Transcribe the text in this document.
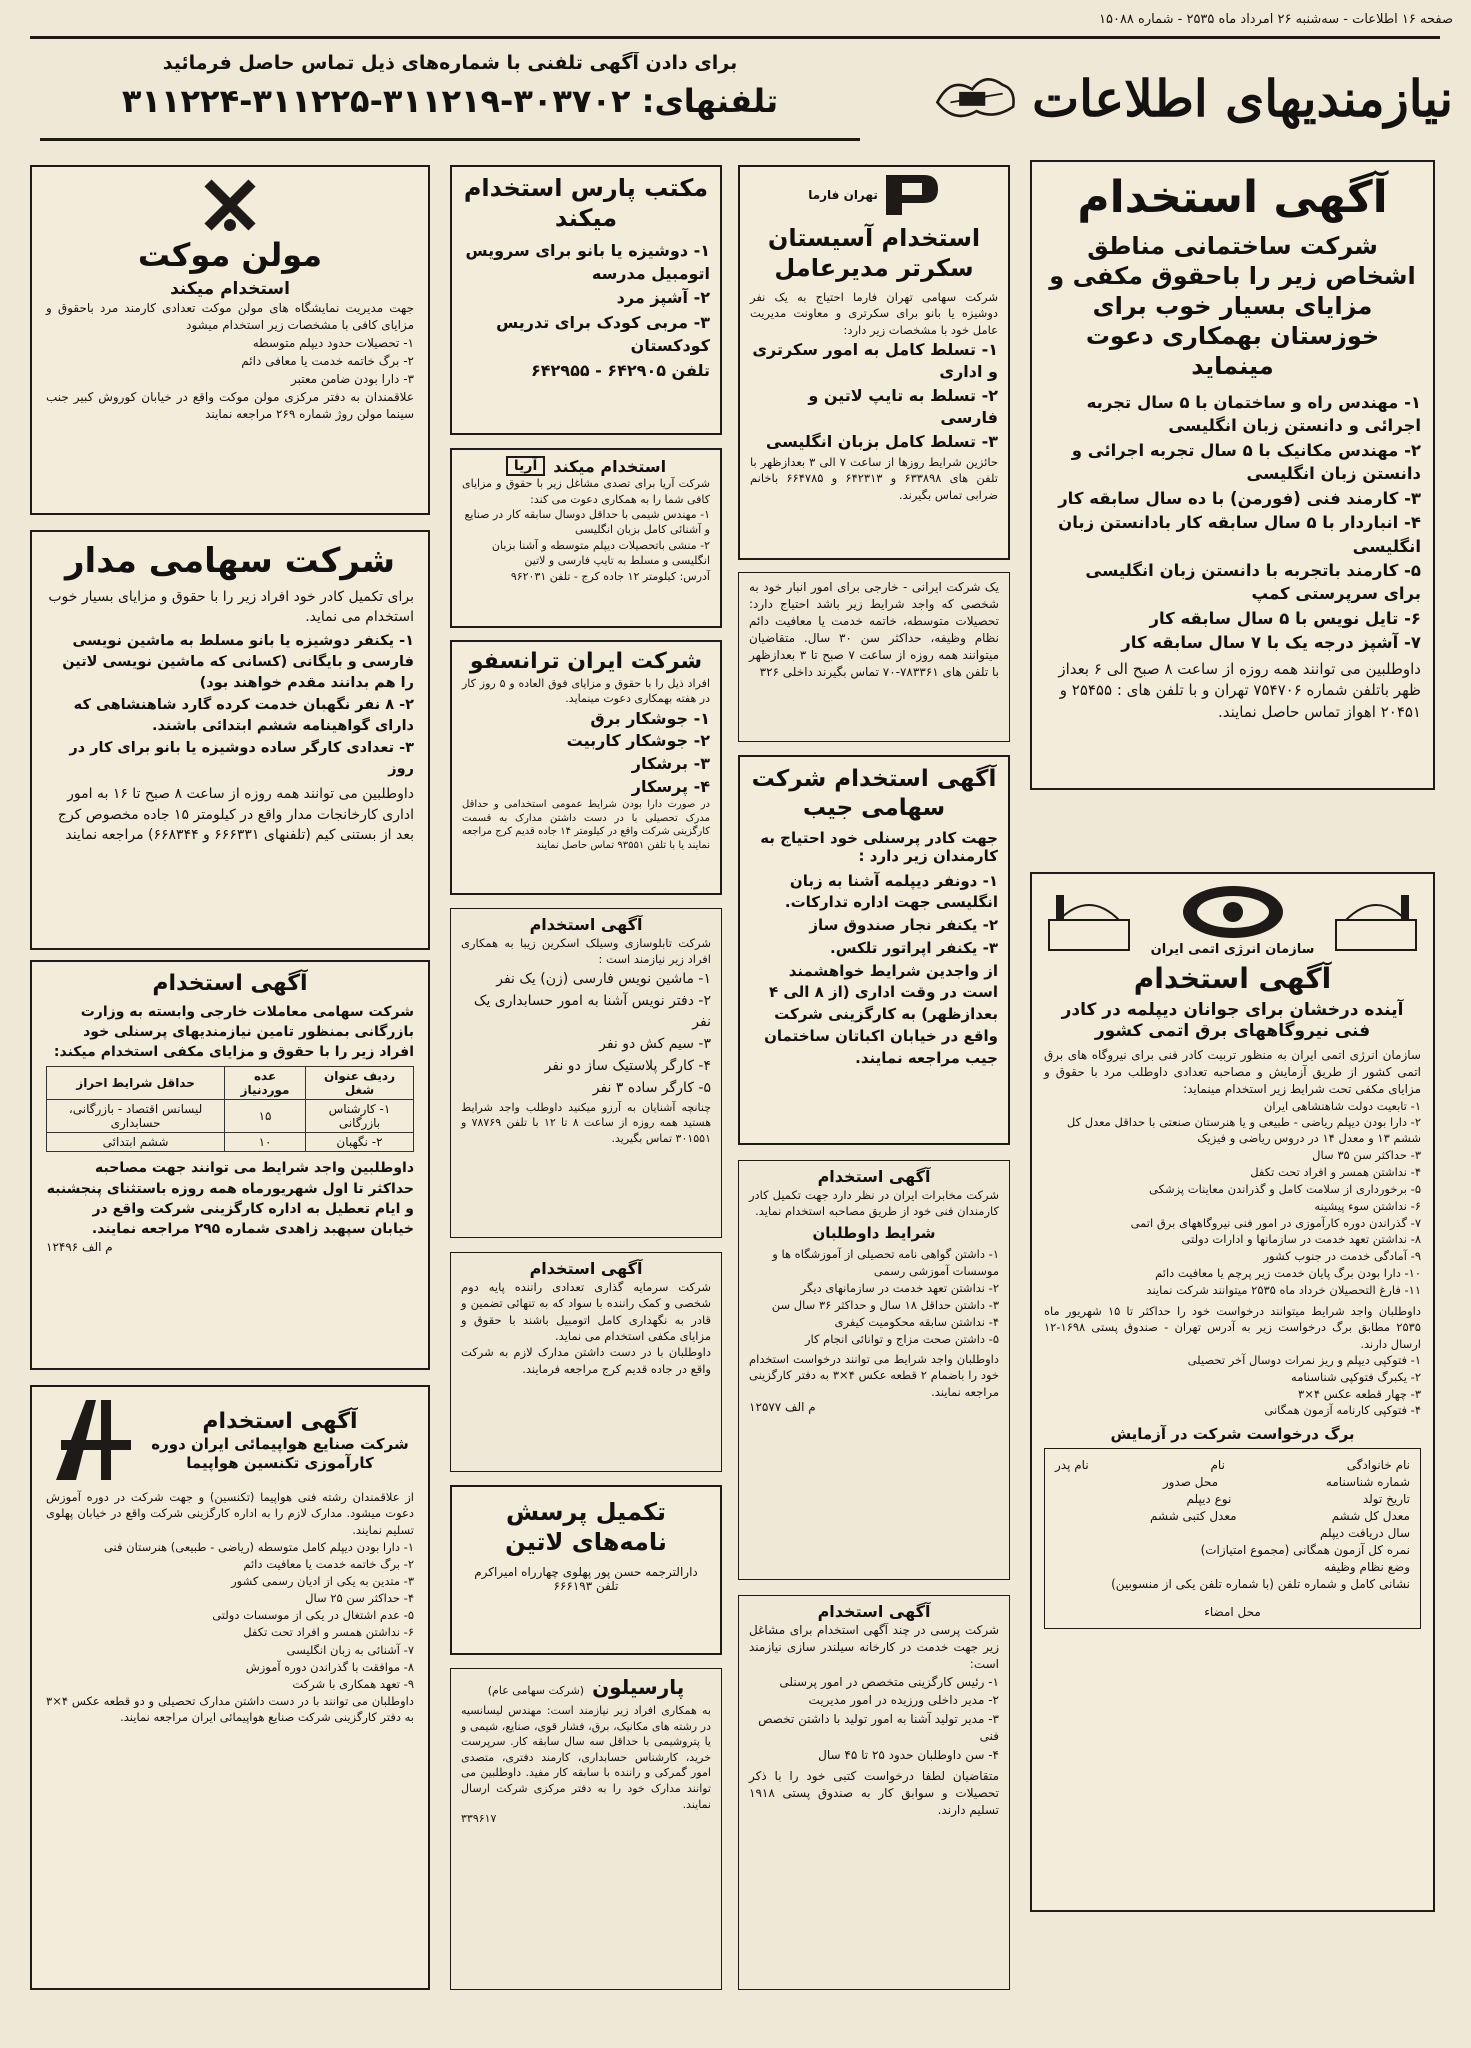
صفحه ۱۶ اطلاعات - سه‌شنبه ۲۶ امرداد ماه ۲۵۳۵ - شماره ۱۵۰۸۸
نیازمندیهای اطلاعات
برای دادن آگهی تلفنی با شماره‌های ذیل تماس حاصل فرمائید
تلفنهای: ۳۰۳۷۰۲-۳۱۱۲۱۹-۳۱۱۲۲۵-۳۱۱۲۲۴
آگهی استخدام
شرکت ساختمانی مناطق اشخاص زیر را باحقوق مکفی و مزایای بسیار خوب برای خوزستان بهمکاری دعوت مینماید
۱- مهندس راه و ساختمان با ۵ سال تجربه اجرائی و دانستن زبان انگلیسی
۲- مهندس مکانیک با ۵ سال تجربه اجرائی و دانستن زبان انگلیسی
۳- کارمند فنی (فورمن) با ده سال سابقه کار
۴- انباردار با ۵ سال سابقه کار بادانستن زبان انگلیسی
۵- کارمند باتجربه با دانستن زبان انگلیسی برای سرپرستی کمپ
۶- تایل نویس با ۵ سال سابقه کار
۷- آشپز درجه یک با ۷ سال سابقه کار
داوطلبین می توانند همه روزه از ساعت ۸ صبح الی ۶ بعداز ظهر باتلفن شماره ۷۵۴۷۰۶ تهران و با تلفن های : ۲۵۴۵۵ و ۲۰۴۵۱ اهواز تماس حاصل نمایند.
سازمان انرژی اتمی ایران
آگهی استخدام
آینده درخشان برای جوانان دیپلمه در کادر فنی نیروگاههای برق اتمی کشور
سازمان انرژی اتمی ایران به منظور تربیت کادر فنی برای نیروگاه های برق اتمی کشور از طریق آزمایش و مصاحبه تعدادی داوطلب مرد با حقوق و مزایای مکفی تحت شرایط زیر استخدام مینماید:
۱- تابعیت دولت شاهنشاهی ایران
۲- دارا بودن دیپلم ریاضی - طبیعی و یا هنرستان صنعتی با حداقل معدل کل ششم ۱۳ و معدل ۱۴ در دروس ریاضی و فیزیک
۳- حداکثر سن ۳۵ سال
۴- نداشتن همسر و افراد تحت تکفل
۵- برخورداری از سلامت کامل و گذراندن معاینات پزشکی
۶- نداشتن سوء پیشینه
۷- گذراندن دوره کارآموزی در امور فنی نیروگاههای برق اتمی
۸- نداشتن تعهد خدمت در سازمانها و ادارات دولتی
۹- آمادگی خدمت در جنوب کشور
۱۰- دارا بودن برگ پایان خدمت زیر پرچم یا معافیت دائم
۱۱- فارغ التحصیلان خرداد ماه ۲۵۳۵ میتوانند شرکت نمایند
داوطلبان واجد شرایط میتوانند درخواست خود را حداکثر تا ۱۵ شهریور ماه ۲۵۳۵ مطابق برگ درخواست زیر به آدرس تهران - صندوق پستی ۱۶۹۸-۱۲ ارسال دارند.
۱- فتوکپی دیپلم و ریز نمرات دوسال آخر تحصیلی
۲- یکبرگ فتوکپی شناسنامه
۳- چهار قطعه عکس ۴×۳
۴- فتوکپی کارنامه آزمون همگانی
برگ درخواست شرکت در آزمایش
نام خانوادگی
نام
نام پدر
شماره شناسنامه
محل صدور
تاریخ تولد
نوع دیپلم
معدل کل ششم
معدل کتبی ششم
سال دریافت دیپلم
نمره کل آزمون همگانی (مجموع امتیازات)
وضع نظام وظیفه
نشانی کامل و شماره تلفن (با شماره تلفن یکی از منسوبین)
محل امضاء
تهران فارما
استخدام آسیستان سکرتر مدیرعامل
شرکت سهامی تهران فارما احتیاج به یک نفر دوشیزه یا بانو برای سکرتری و معاونت مدیریت عامل خود با مشخصات زیر دارد:
۱- تسلط کامل به امور سکرتری و اداری
۲- تسلط به تایپ لاتین و فارسی
۳- تسلط کامل بزبان انگلیسی
حائزین شرایط روزها از ساعت ۷ الی ۳ بعدازظهر با تلفن های ۶۳۳۸۹۸ و ۶۴۲۳۱۳ و ۶۶۴۷۸۵ باخانم ضرابی تماس بگیرند.
یک شرکت ایرانی - خارجی برای امور انبار خود به شخصی که واجد شرایط زیر باشد احتیاج دارد: تحصیلات متوسطه، خاتمه خدمت یا معافیت دائم نظام وظیفه، حداکثر سن ۳۰ سال. متقاضیان میتوانند همه روزه از ساعت ۷ صبح تا ۳ بعدازظهر با تلفن های ۷۸۳۳۶۱-۷۰ تماس بگیرند داخلی ۳۲۶
آگهی استخدام شرکت سهامی جیب
جهت کادر پرسنلی خود احتیاج به کارمندان زیر دارد :
۱- دونفر دیپلمه آشنا به زبان انگلیسی جهت اداره تدارکات.
۲- یکنفر نجار صندوق ساز
۳- یکنفر اپراتور تلکس.
از واجدین شرایط خواهشمند است در وقت اداری (از ۸ الی ۴ بعدازظهر) به کارگزینی شرکت واقع در خیابان اکباتان ساختمان جیب مراجعه نمایند.
آگهی استخدام
شرکت مخابرات ایران در نظر دارد جهت تکمیل کادر کارمندان فنی خود از طریق مصاحبه استخدام نماید.
شرایط داوطلبان
۱- داشتن گواهی نامه تحصیلی از آموزشگاه ها و موسسات آموزشی رسمی
۲- نداشتن تعهد خدمت در سازمانهای دیگر
۳- داشتن حداقل ۱۸ سال و حداکثر ۳۶ سال سن
۴- نداشتن سابقه محکومیت کیفری
۵- داشتن صحت مزاج و توانائی انجام کار
داوطلبان واجد شرایط می توانند درخواست استخدام خود را باضمام ۲ قطعه عکس ۴×۳ به دفتر کارگزینی مراجعه نمایند.
م الف ۱۲۵۷۷
آگهی استخدام
شرکت پرسی در چند آگهی استخدام برای مشاغل زیر جهت خدمت در کارخانه سیلندر سازی نیازمند است:
۱- رئیس کارگزینی متخصص در امور پرسنلی
۲- مدیر داخلی ورزیده در امور مدیریت
۳- مدیر تولید آشنا به امور تولید با داشتن تخصص فنی
۴- سن داوطلبان حدود ۲۵ تا ۴۵ سال
متقاضیان لطفا درخواست کتبی خود را با ذکر تحصیلات و سوابق کار به صندوق پستی ۱۹۱۸ تسلیم دارند.
مکتب پارس استخدام میکند
۱- دوشیزه یا بانو برای سرویس اتومبیل مدرسه
۲- آشپز مرد
۳- مربی کودک برای تدریس کودکستان
تلفن ۶۴۲۹۰۵ - ۶۴۲۹۵۵
استخدام میکند
آریا
شرکت آریا برای تصدی مشاغل زیر با حقوق و مزایای کافی شما را به همکاری دعوت می کند:
۱- مهندس شیمی با حداقل دوسال سابقه کار در صنایع و آشنائی کامل بزبان انگلیسی
۲- منشی باتحصیلات دیپلم متوسطه و آشنا بزبان انگلیسی و مسلط به تایپ فارسی و لاتین
آدرس: کیلومتر ۱۲ جاده کرج - تلفن ۹۶۲۰۳۱
شرکت ایران ترانسفو
افراد ذیل را با حقوق و مزایای فوق العاده و ۵ روز کار در هفته بهمکاری دعوت مینماید.
۱- جوشکار برق
۲- جوشکار کاربیت
۳- برشکار
۴- پرسکار
در صورت دارا بودن شرایط عمومی استخدامی و حداقل مدرک تحصیلی با در دست داشتن مدارک به قسمت کارگزینی شرکت واقع در کیلومتر ۱۴ جاده قدیم کرج مراجعه نمایند یا با تلفن ۹۳۵۵۱ تماس حاصل نمایند
آگهی استخدام
شرکت تابلوسازی وسیلک اسکرین زیبا به همکاری افراد زیر نیازمند است :
۱- ماشین نویس فارسی (زن) یک نفر
۲- دفتر نویس آشنا به امور حسابداری یک نفر
۳- سیم کش دو نفر
۴- کارگر پلاستیک ساز دو نفر
۵- کارگر ساده ۳ نفر
چنانچه آشنایان به آرزو میکنید داوطلب واجد شرایط هستید همه روزه از ساعت ۸ تا ۱۲ با تلفن ۷۸۷۶۹ و ۳۰۱۵۵۱ تماس بگیرید.
آگهی استخدام
شرکت سرمایه گذاری تعدادی راننده پایه دوم شخصی و کمک راننده با سواد که به تنهائی تضمین و قادر به نگهداری کامل اتومبیل باشند با حقوق و مزایای مکفی استخدام می نماید.
داوطلبان با در دست داشتن مدارک لازم به شرکت واقع در جاده قدیم کرج مراجعه فرمایند.
تکمیل پرسش نامه‌های لاتین
دارالترجمه حسن پور پهلوی چهارراه امیراکرم تلفن ۶۶۶۱۹۳
پارسیلون
(شرکت سهامی عام)
به همکاری افراد زیر نیازمند است: مهندس لیسانسیه در رشته های مکانیک، برق، فشار قوی، صنایع، شیمی و یا پتروشیمی با حداقل سه سال سابقه کار. سرپرست خرید، کارشناس حسابداری، کارمند دفتری، متصدی امور گمرکی و راننده با سابقه کار مفید. داوطلبین می توانند مدارک خود را به دفتر مرکزی شرکت ارسال نمایند.
۳۳۹۶۱۷
مولن موکت
استخدام میکند
جهت مدیریت نمایشگاه های مولن موکت تعدادی کارمند مرد باحقوق و مزایای کافی با مشخصات زیر استخدام میشود
۱- تحصیلات حدود دیپلم متوسطه
۲- برگ خاتمه خدمت یا معافی دائم
۳- دارا بودن ضامن معتبر
علاقمندان به دفتر مرکزی مولن موکت واقع در خیابان کوروش کبیر جنب سینما مولن روژ شماره ۲۶۹ مراجعه نمایند
شرکت سهامی مدار
برای تکمیل کادر خود افراد زیر را با حقوق و مزایای بسیار خوب استخدام می نماید.
۱- یکنفر دوشیزه یا بانو مسلط به ماشین نویسی فارسی و بایگانی (کسانی که ماشین نویسی لاتین را هم بدانند مقدم خواهند بود)
۲- ۸ نفر نگهبان خدمت کرده گارد شاهنشاهی که دارای گواهینامه ششم ابتدائی باشند.
۳- تعدادی کارگر ساده دوشیزه یا بانو برای کار در روز
داوطلبین می توانند همه روزه از ساعت ۸ صبح تا ۱۶ به امور اداری کارخانجات مدار واقع در کیلومتر ۱۵ جاده مخصوص کرج بعد از بستنی کیم (تلفنهای ۶۶۶۳۳۱ و ۶۶۸۳۴۴) مراجعه نمایند
آگهی استخدام
شرکت سهامی معاملات خارجی وابسته به وزارت بازرگانی بمنظور تامین نیازمندیهای پرسنلی خود افراد زیر را با حقوق و مزایای مکفی استخدام میکند:
ردیف عنوان شغل	عده موردنیاز	حداقل شرایط احراز
۱- کارشناس بازرگانی	۱۵	لیسانس اقتصاد - بازرگانی، حسابداری
۲- نگهبان	۱۰	ششم ابتدائی
داوطلبین واجد شرایط می توانند جهت مصاحبه حداکثر تا اول شهریورماه همه روزه باستثنای پنجشنبه و ایام تعطیل به اداره کارگزینی شرکت واقع در خیابان سپهبد زاهدی شماره ۲۹۵ مراجعه نمایند.
م الف ۱۲۴۹۶
آگهی استخدام
شرکت صنایع هواپیمائی ایران دوره کارآموزی تکنسین هواپیما
از علاقمندان رشته فنی هواپیما (تکنسین) و جهت شرکت در دوره آموزش دعوت میشود. مدارک لازم را به اداره کارگزینی شرکت واقع در خیابان پهلوی تسلیم نمایند.
۱- دارا بودن دیپلم کامل متوسطه (ریاضی - طبیعی) هنرستان فنی
۲- برگ خاتمه خدمت یا معافیت دائم
۳- متدین به یکی از ادیان رسمی کشور
۴- حداکثر سن ۲۵ سال
۵- عدم اشتغال در یکی از موسسات دولتی
۶- نداشتن همسر و افراد تحت تکفل
۷- آشنائی به زبان انگلیسی
۸- موافقت با گذراندن دوره آموزش
۹- تعهد همکاری با شرکت
داوطلبان می توانند با در دست داشتن مدارک تحصیلی و دو قطعه عکس ۴×۳ به دفتر کارگزینی شرکت صنایع هواپیمائی ایران مراجعه نمایند.
